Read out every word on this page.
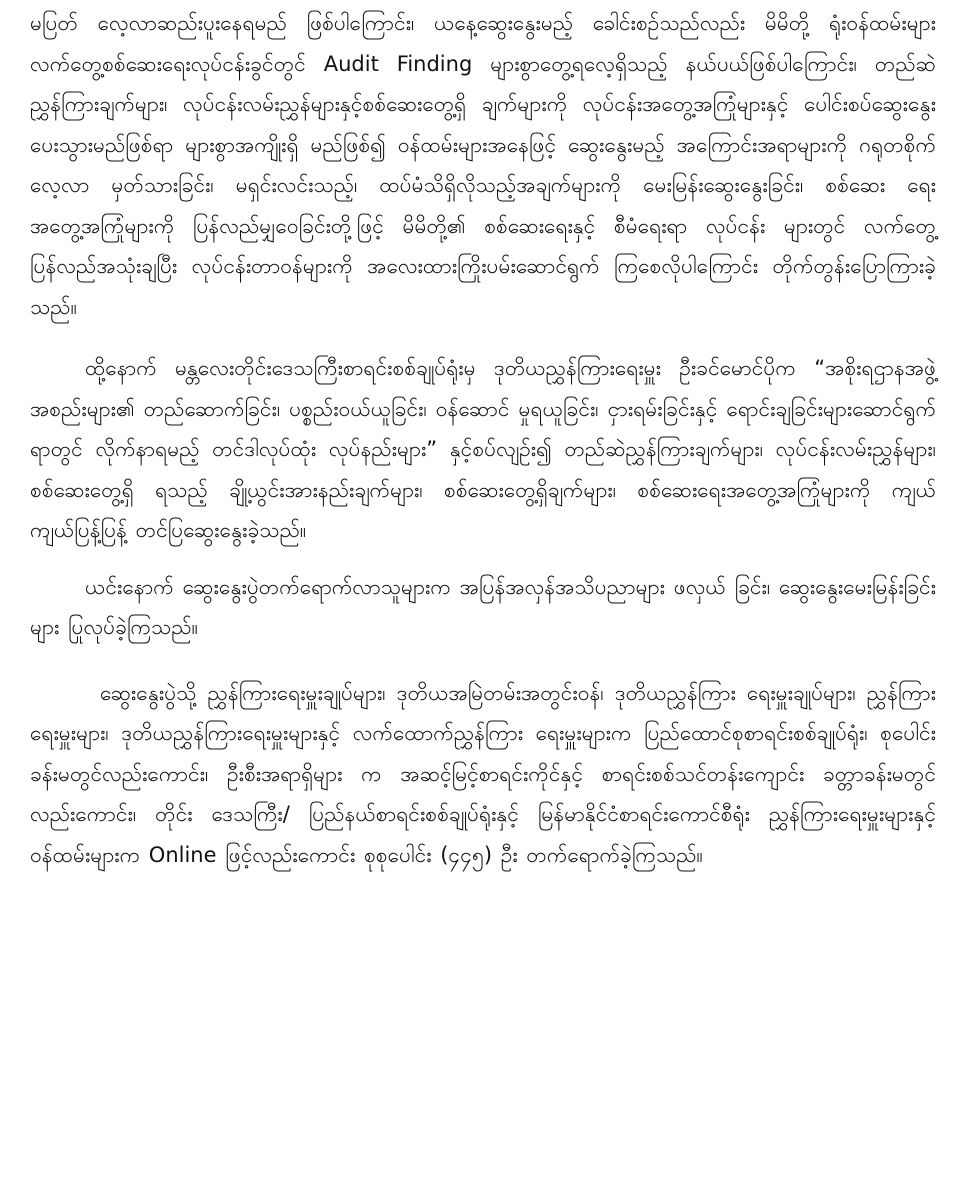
မပြတ် လေ့လာဆည်းပူးနေရမည် ဖြစ်ပါကြောင်း၊ ယနေ့ဆွေးနွေးမည့် ခေါင်းစဉ်သည်လည်း မိမိတို့ ရုံးဝန်ထမ်းများ လက်တွေ့စစ်ဆေးရေးလုပ်ငန်းခွင်တွင် Audit Finding များစွာတွေ့ရလေ့ရှိသည့် နယ်ပယ်ဖြစ်ပါကြောင်း၊ တည်ဆဲညွှန်ကြားချက်များ၊ လုပ်ငန်းလမ်းညွှန်များနှင့်စစ်ဆေးတွေ့ရှိ ချက်များကို လုပ်ငန်းအတွေ့အကြုံများနှင့် ပေါင်းစပ်ဆွေးနွေးပေးသွားမည်ဖြစ်ရာ များစွာအကျိုးရှိ မည်ဖြစ်၍ ဝန်ထမ်းများအနေဖြင့် ဆွေးနွေးမည့် အကြောင်းအရာများကို ဂရုတစိုက်လေ့လာ မှတ်သားခြင်း၊ မရှင်းလင်းသည့်၊ ထပ်မံသိရှိလိုသည့်အချက်များကို မေးမြန်းဆွေးနွေးခြင်း၊ စစ်ဆေး ရေးအတွေ့အကြုံများကို ပြန်လည်မျှဝေခြင်းတို့ဖြင့် မိမိတို့၏ စစ်ဆေးရေးနှင့် စီမံရေးရာ လုပ်ငန်း များတွင် လက်တွေ့ပြန်လည်အသုံးချပြီး လုပ်ငန်းတာဝန်များကို အလေးထားကြိုးပမ်းဆောင်ရွက် ကြစေလိုပါကြောင်း တိုက်တွန်းပြောကြားခဲ့သည်။

ထို့နောက် မန္တလေးတိုင်းဒေသကြီးစာရင်းစစ်ချုပ်ရုံးမှ ဒုတိယညွှန်ကြားရေးမှူး ဦးခင်မောင်ပိုက “အစိုးရဌာနအဖွဲ့အစည်းများ၏ တည်ဆောက်ခြင်း၊ ပစ္စည်းဝယ်ယူခြင်း၊ ဝန်ဆောင် မှုရယူခြင်း၊ ငှားရမ်းခြင်းနှင့် ရောင်းချခြင်းများဆောင်ရွက်ရာတွင် လိုက်နာရမည့် တင်ဒါလုပ်ထုံး လုပ်နည်းများ” နှင့်စပ်လျဉ်း၍ တည်ဆဲညွှန်ကြားချက်များ၊ လုပ်ငန်းလမ်းညွှန်များ၊ စစ်ဆေးတွေ့ရှိ ရသည့် ချို့ယွင်းအားနည်းချက်များ၊ စစ်ဆေးတွေ့ရှိချက်များ၊ စစ်ဆေးရေးအတွေ့အကြုံများကို ကျယ်ကျယ်ပြန့်ပြန့် တင်ပြဆွေးနွေးခဲ့သည်။

ယင်းနောက် ဆွေးနွေးပွဲတက်ရောက်လာသူများက အပြန်အလှန်အသိပညာများ ဖလှယ် ခြင်း၊ ဆွေးနွေးမေးမြန်းခြင်းများ ပြုလုပ်ခဲ့ကြသည်။

ဆွေးနွေးပွဲသို့ ညွှန်ကြားရေးမှူးချုပ်များ၊ ဒုတိယအမြဲတမ်းအတွင်းဝန်၊ ဒုတိယညွှန်ကြား ရေးမှူးချုပ်များ၊ ညွှန်ကြားရေးမှူးများ၊ ဒုတိယညွှန်ကြားရေးမှူးများနှင့် လက်ထောက်ညွှန်ကြား ရေးမှူးများက ပြည်ထောင်စုစာရင်းစစ်ချုပ်ရုံး၊ စုပေါင်းခန်းမတွင်လည်းကောင်း၊ ဦးစီးအရာရှိများ က အဆင့်မြင့်စာရင်းကိုင်နှင့် စာရင်းစစ်သင်တန်းကျောင်း ခတ္တာခန်းမတွင်လည်းကောင်း၊ တိုင်း ဒေသကြီး/ ပြည်နယ်စာရင်းစစ်ချုပ်ရုံးနှင့် မြန်မာနိုင်ငံစာရင်းကောင်စီရုံး ညွှန်ကြားရေးမှူးများနှင့် ဝန်ထမ်းများက Online ဖြင့်လည်းကောင်း စုစုပေါင်း (၄၄၅) ဦး တက်ရောက်ခဲ့ကြသည်။
